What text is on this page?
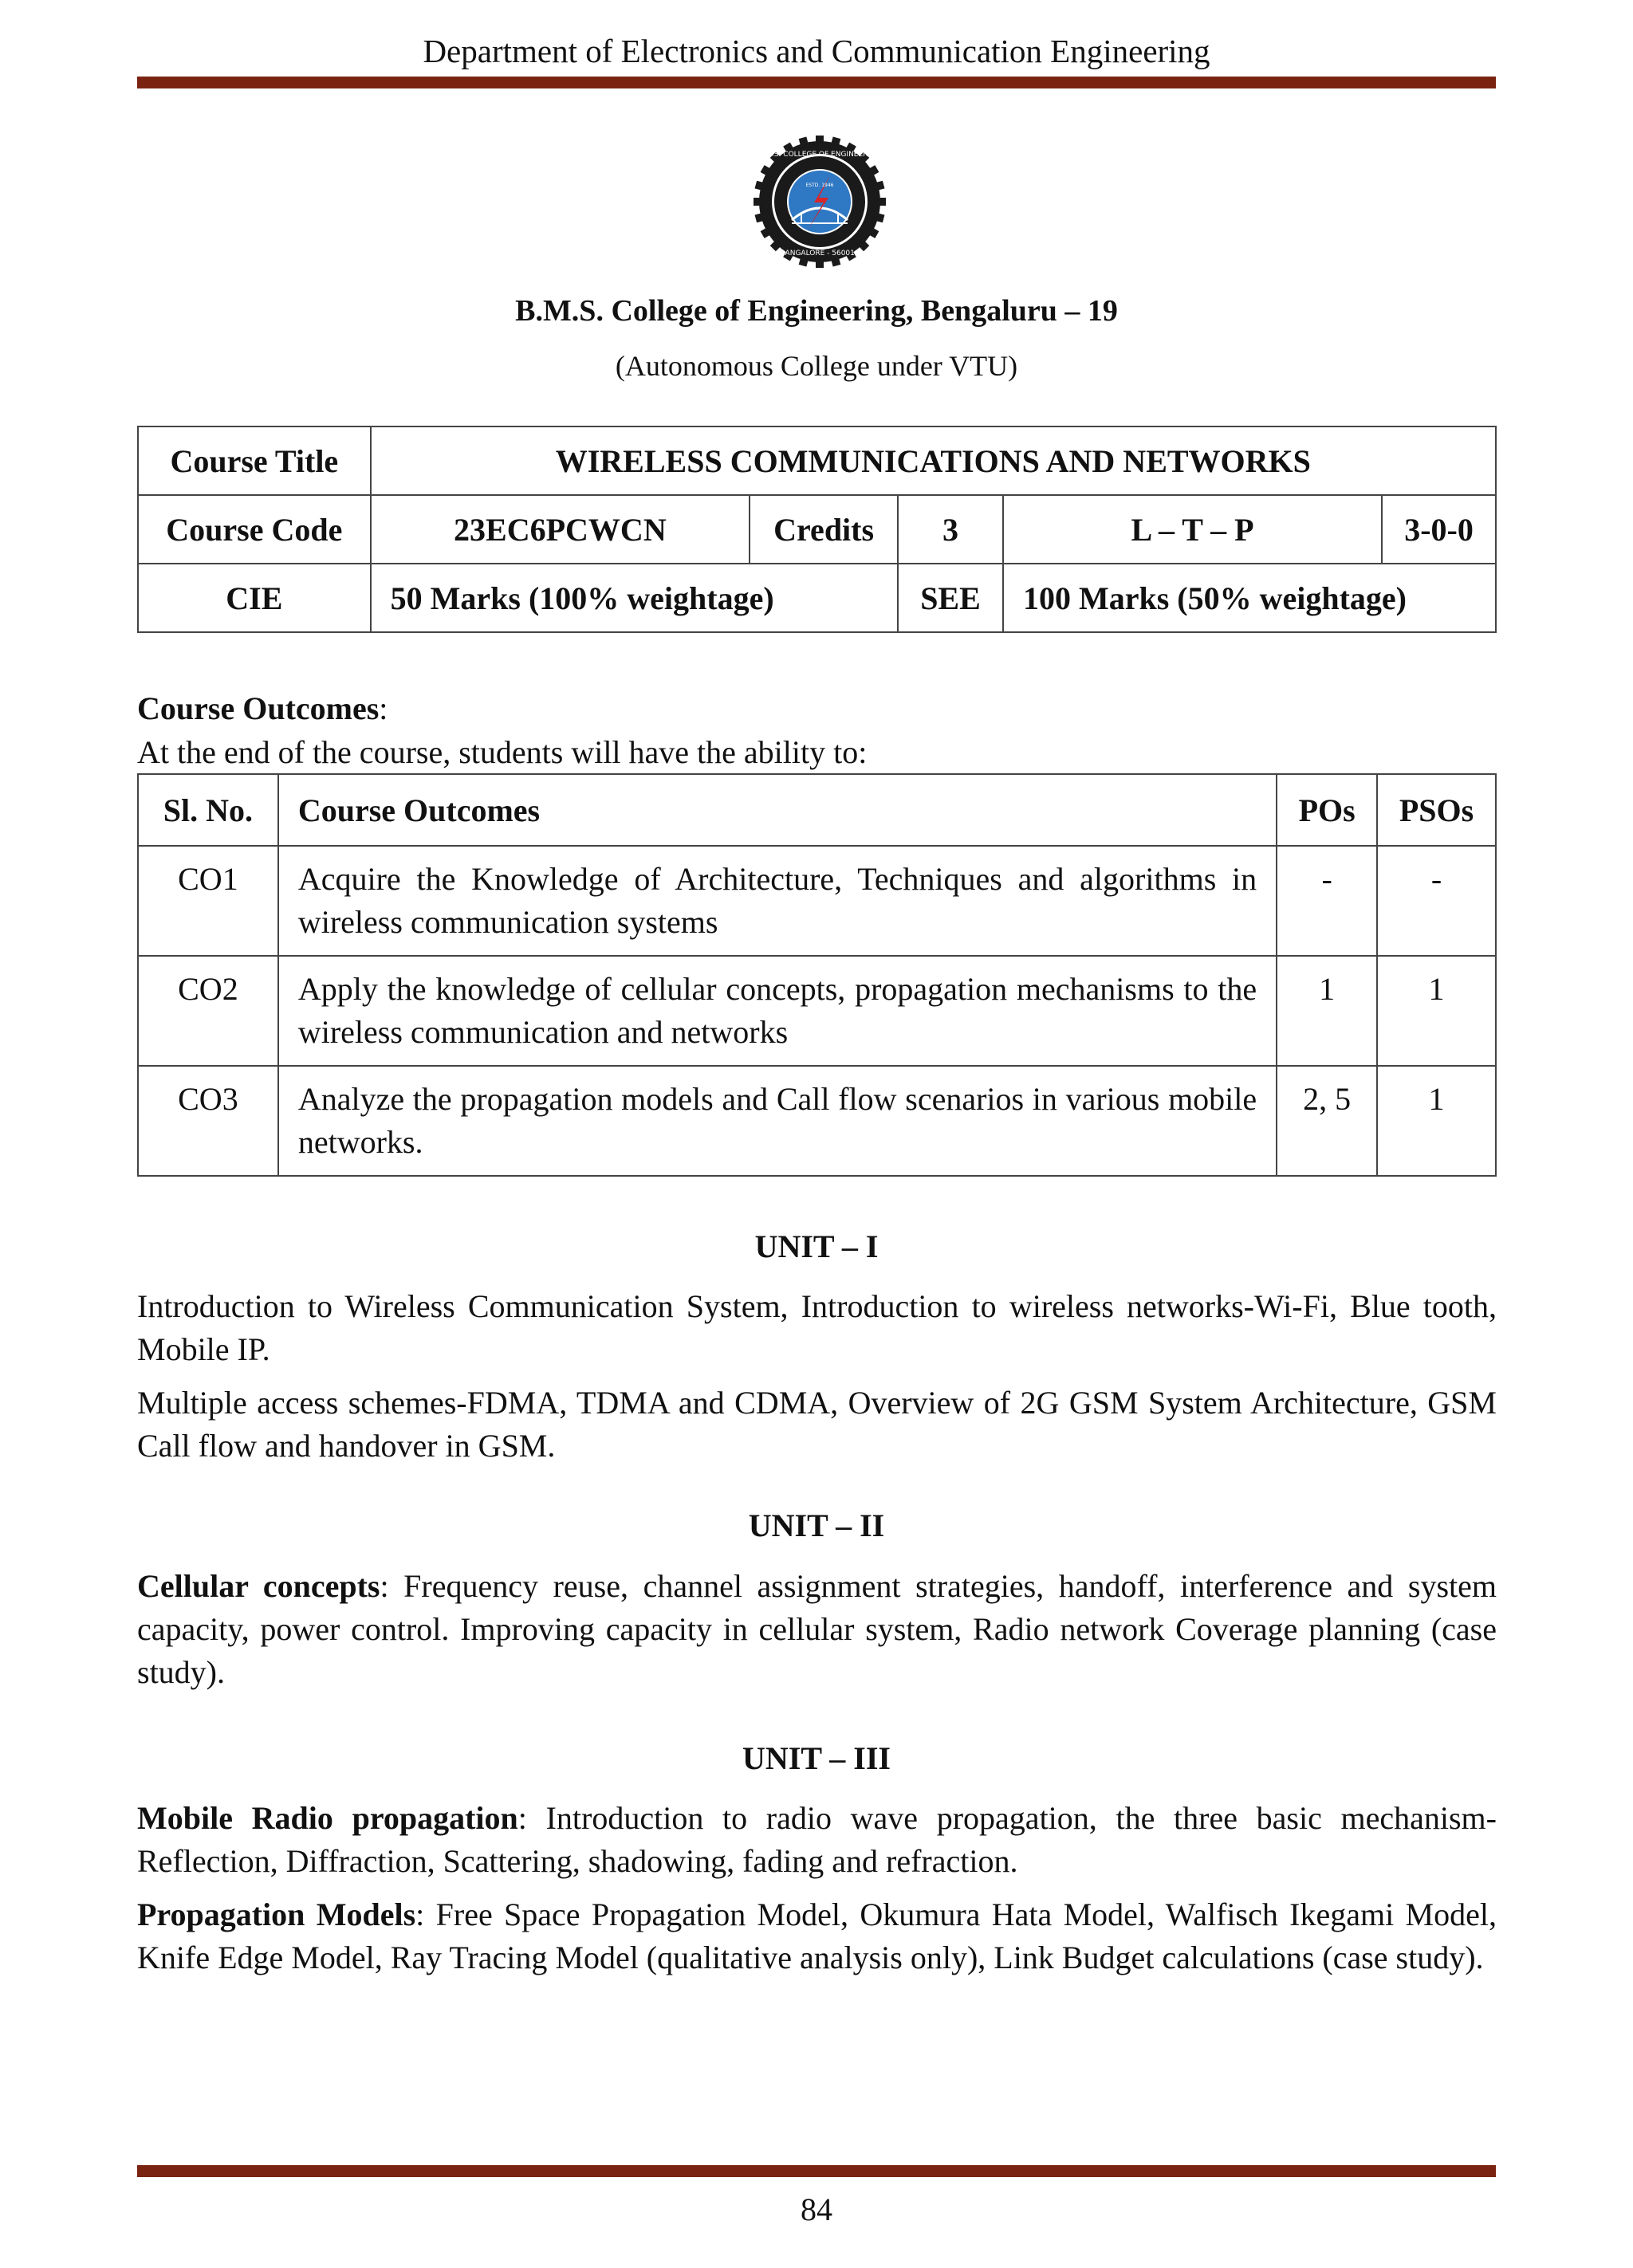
Department of Electronics and Communication Engineering
B.M.S. COLLEGE OF ENGINEERING
BANGALORE - 560019
ESTD. 1946
B.M.S. College of Engineering, Bengaluru – 19
(Autonomous College under VTU)
Course Title	WIRELESS COMMUNICATIONS AND NETWORKS				
Course Code	23EC6PCWCN	Credits	3	L – T – P	3-0-0
CIE	50 Marks (100% weightage)		SEE	100 Marks (50% weightage)	
Course Outcomes:
At the end of the course, students will have the ability to:
Sl. No.	Course Outcomes	POs	PSOs
CO1	Acquire the Knowledge of Architecture, Techniques and algorithms in wireless communication systems	-	-
CO2	Apply the knowledge of cellular concepts, propagation mechanisms to the wireless communication and networks	1	1
CO3	Analyze the propagation models and Call flow scenarios in various mobile networks.	2, 5	1
UNIT – I
Introduction to Wireless Communication System, Introduction to wireless networks-Wi-Fi, Blue tooth, Mobile IP.
Multiple access schemes-FDMA, TDMA and CDMA, Overview of 2G GSM System Architecture, GSM Call flow and handover in GSM.
UNIT – II
Cellular concepts: Frequency reuse, channel assignment strategies, handoff, interference and system capacity, power control. Improving capacity in cellular system, Radio network Coverage planning (case study).
UNIT – III
Mobile Radio propagation: Introduction to radio wave propagation, the three basic mechanism-Reflection, Diffraction, Scattering, shadowing, fading and refraction.
Propagation Models: Free Space Propagation Model, Okumura Hata Model, Walfisch Ikegami Model, Knife Edge Model, Ray Tracing Model (qualitative analysis only), Link Budget calculations (case study).
84
